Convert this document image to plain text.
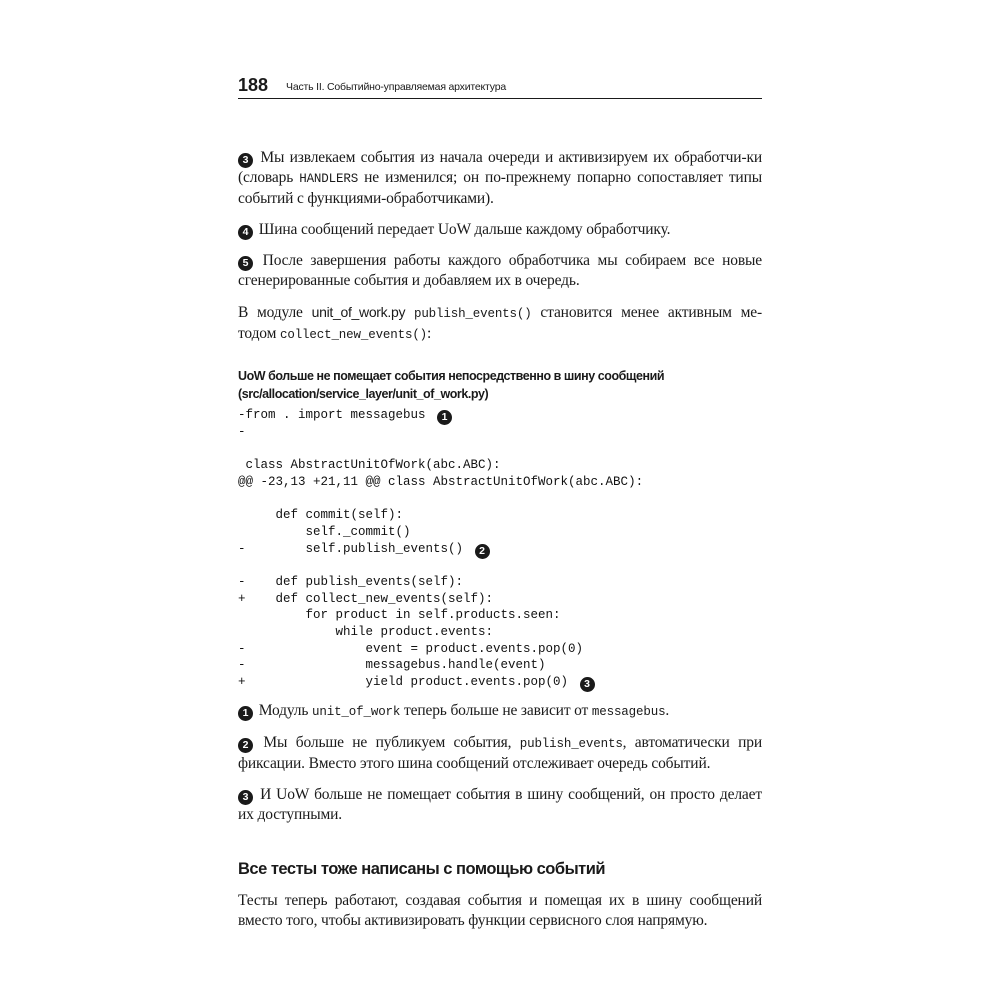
188 Часть II. Событийно-управляемая архитектура

3 Мы извлекаем события из начала очереди и активизируем их обработчи-ки (словарь HANDLERS не изменился; он по-прежнему попарно сопоставляет типы событий с функциями-обработчиками).

4 Шина сообщений передает UoW дальше каждому обработчику.

5 После завершения работы каждого обработчика мы собираем все новые сгенерированные события и добавляем их в очередь.

В модуле unit_of_work.py publish_events() становится менее активным ме-тодом collect_new_events():

UoW больше не помещает события непосредственно в шину сообщений (src/allocation/service_layer/unit_of_work.py)
-from . import messagebus 1
-
class AbstractUnitOfWork(abc.ABC):
@@ -23,13 +21,11 @@ class AbstractUnitOfWork(abc.ABC):
def commit(self):
self._commit()
-        self.publish_events() 2
-    def publish_events(self):
+    def collect_new_events(self):
for product in self.products.seen:
while product.events:
-                event = product.events.pop(0)
-                messagebus.handle(event)
+                yield product.events.pop(0) 3

1 Модуль unit_of_work теперь больше не зависит от messagebus.

2 Мы больше не публикуем события, publish_events, автоматически при фиксации. Вместо этого шина сообщений отслеживает очередь событий.

3 И UoW больше не помещает события в шину сообщений, он просто делает их доступными.

Все тесты тоже написаны с помощью событий

Тесты теперь работают, создавая события и помещая их в шину сообщений вместо того, чтобы активизировать функции сервисного слоя напрямую.
